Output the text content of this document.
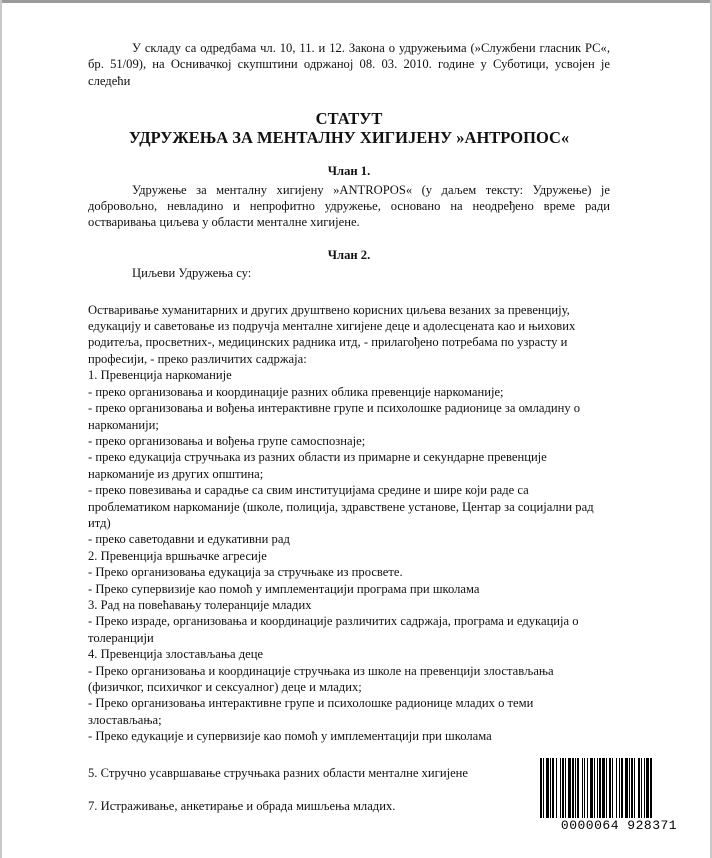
У складу са одредбама чл. 10, 11. и 12. Закона о удружењима (»Службени гласник РС«, бр. 51/09), на Оснивачкој скупштини одржаној 08. 03. 2010. године у Суботици, усвојен је следећи

СТАТУТ
УДРУЖЕЊА ЗА МЕНТАЛНУ ХИГИЈЕНУ »АНТРОПОС«
Члан 1.

Удружење за менталну хигијену »ANTROPOS« (у даљем тексту: Удружење) је добровољно, невладино и непрофитно удружење, основано на неодређено време ради остваривања циљева у области менталне хигијене.

Члан 2.

Циљеви Удружења су:

Остваривање хуманитарних и других друштвено корисних циљева везаних за превенцију, едукацију и саветовање из подручја менталне хигијене деце и адолесцената као и њихових родитеља, просветних-, медицинских радника итд, - прилагођено потребама по узрасту и професији, - преко различитих садржаја:

1. Превенција наркоманије
- преко организовања и координације разних облика превенције наркоманије;
- преко организовања и вођења интерактивне групе и психолошке радионице за омладину о наркоманији;
- преко организовања и вођења групе самоспознаје;
- преко едукација стручњака из разних области из примарне и секундарне превенције наркоманије из других општина;
- преко повезивања и сарадње са свим институцијама средине и шире који раде са проблематиком наркоманије (школе, полиција, здравствене установе, Центар за социјални рад итд)
- преко саветодавни и едукативни рад
2. Превенција вршњачке агресије
- Преко организовања едукација за стручњаке из просвете.
- Преко супервизије као помоћ у имплементацији програма при школама
3. Рад на повећавању толеранције младих
- Преко израде, организовања и координације различитих садржаја, програма и едукација о толеранцији
4. Превенција злостављања деце
- Преко организовања и координације стручњака из школе на превенцији злостављања (физичког, психичког и сексуалног) деце и младих;
- Преко организовања интерактивне групе и психолошке радионице младих о теми злостављања;
- Преко едукације и супервизије као помоћ у имплементацији при школама
5. Стручно усавршавање стручњака разних области менталне хигијене
7. Истраживање, анкетирање и обрада мишљења младих.
0000064 928371
